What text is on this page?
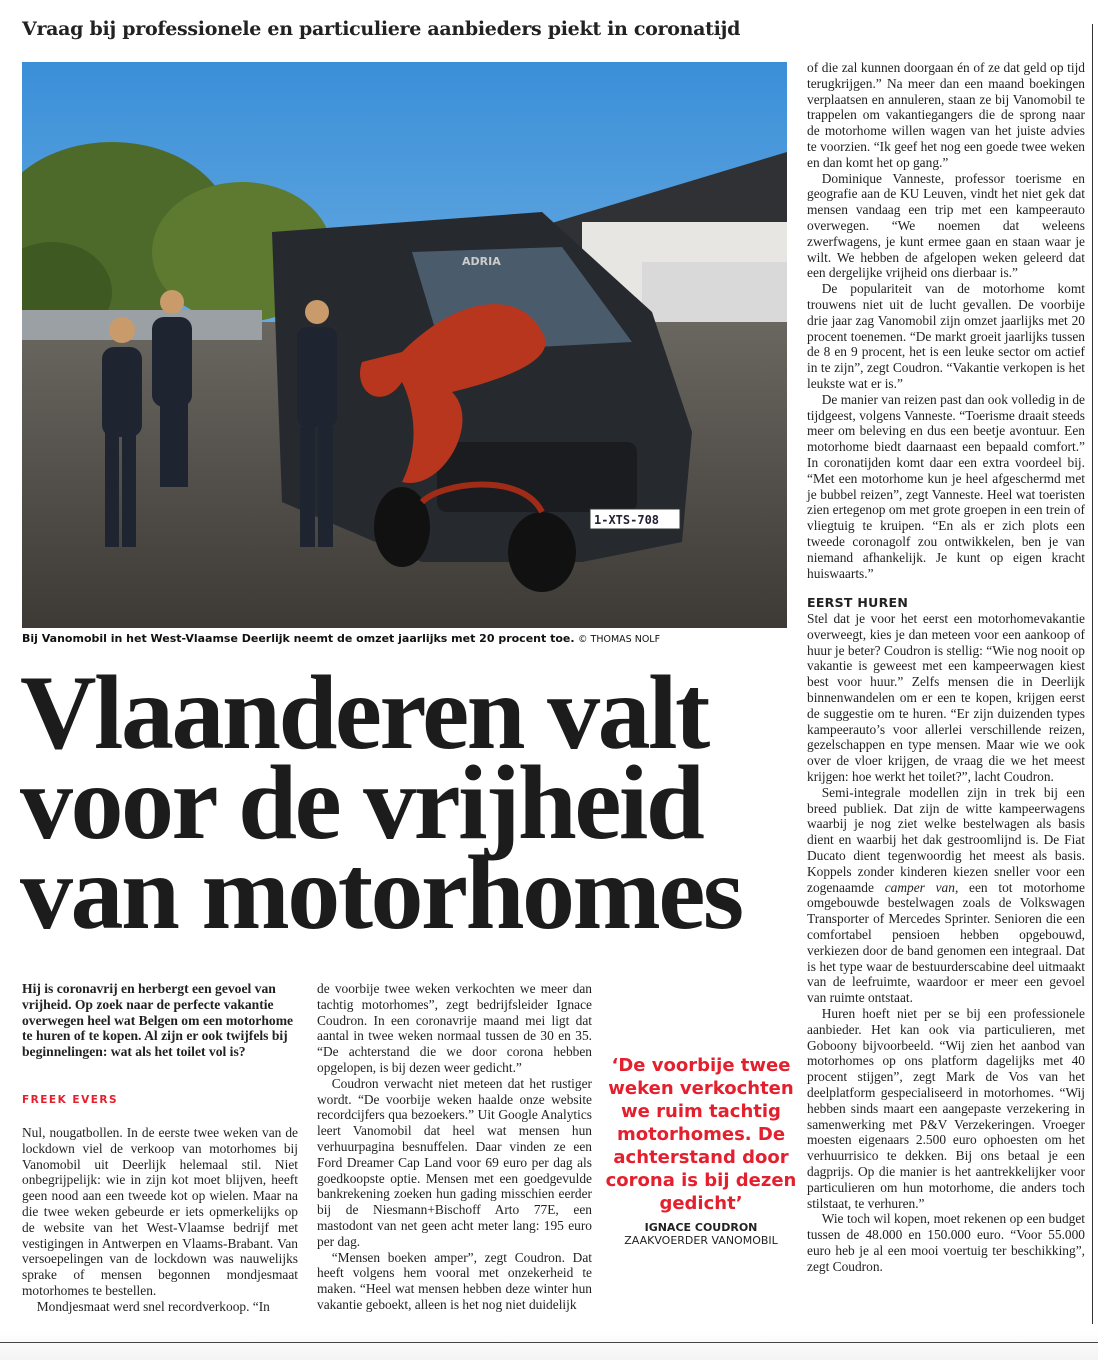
Vraag bij professionele en particuliere aanbieders piekt in coronatijd
ADRIA
1-XTS-708
Bij Vanomobil in het West-Vlaamse Deerlijk neemt de omzet jaarlijks met 20 procent toe. © THOMAS NOLF
Vlaanderen valt
voor de vrijheid
van motorhomes
Hij is coronavrij en herbergt een gevoel van vrijheid. Op zoek naar de perfecte vakantie overwegen heel wat Belgen om een motorhome te huren of te kopen. Al zijn er ook twijfels bij beginnelingen: wat als het toilet vol is?
FREEK EVERS

Nul, nougatbollen. In de eerste twee weken van de lockdown viel de verkoop van motorhomes bij Vanomobil uit Deerlijk helemaal stil. Niet onbegrijpelijk: wie in zijn kot moet blijven, heeft geen nood aan een tweede kot op wielen. Maar na die twee weken gebeurde er iets opmerkelijks op de website van het West-Vlaamse bedrijf met vestigingen in Antwerpen en Vlaams-Brabant. Van versoepelingen van de lockdown was nauwelijks sprake of mensen begonnen mondjesmaat motorhomes te bestellen.

Mondjesmaat werd snel recordverkoop. “In

de voorbije twee weken verkochten we meer dan tachtig motorhomes”, zegt bedrijfsleider Ignace Coudron. In een coronavrije maand mei ligt dat aantal in twee weken normaal tussen de 30 en 35. “De achterstand die we door corona hebben opgelopen, is bij dezen weer gedicht.”

Coudron verwacht niet meteen dat het rustiger wordt. “De voorbije weken haalde onze website recordcijfers qua bezoekers.” Uit Google Analytics leert Vanomobil dat heel wat mensen hun verhuurpagina besnuffelen. Daar vinden ze een Ford Dreamer Cap Land voor 69 euro per dag als goedkoopste optie. Mensen met een goedgevulde bankrekening zoeken hun gading misschien eerder bij de Niesmann+Bischoff Arto 77E, een mastodont van net geen acht meter lang: 195 euro per dag.

“Mensen boeken amper”, zegt Coudron. Dat heeft volgens hem vooral met onzekerheid te maken. “Heel wat mensen hebben deze winter hun vakantie geboekt, alleen is het nog niet duidelijk

‘De voorbije twee weken verkochten we ruim tachtig motorhomes. De achterstand door corona is bij dezen gedicht’
IGNACE COUDRON
ZAAKVOERDER VANOMOBIL

of die zal kunnen doorgaan én of ze dat geld op tijd terugkrijgen.” Na meer dan een maand boekingen verplaatsen en annuleren, staan ze bij Vanomobil te trappelen om vakantiegangers die de sprong naar de motorhome willen wagen van het juiste advies te voorzien. “Ik geef het nog een goede twee weken en dan komt het op gang.”

Dominique Vanneste, professor toerisme en geografie aan de KU Leuven, vindt het niet gek dat mensen vandaag een trip met een kampeerauto overwegen. “We noemen dat weleens zwerfwagens, je kunt ermee gaan en staan waar je wilt. We hebben de afgelopen weken geleerd dat een dergelijke vrijheid ons dierbaar is.”

De populariteit van de motorhome komt trouwens niet uit de lucht gevallen. De voorbije drie jaar zag Vanomobil zijn omzet jaarlijks met 20 procent toenemen. “De markt groeit jaarlijks tussen de 8 en 9 procent, het is een leuke sector om actief in te zijn”, zegt Coudron. “Vakantie verkopen is het leukste wat er is.”

De manier van reizen past dan ook volledig in de tijdgeest, volgens Vanneste. “Toerisme draait steeds meer om beleving en dus een beetje avontuur. Een motorhome biedt daarnaast een bepaald comfort.” In coronatijden komt daar een extra voordeel bij. “Met een motorhome kun je heel afgeschermd met je bubbel reizen”, zegt Vanneste. Heel wat toeristen zien ertegenop om met grote groepen in een trein of vliegtuig te kruipen. “En als er zich plots een tweede coronagolf zou ontwikkelen, ben je van niemand afhankelijk. Je kunt op eigen kracht huiswaarts.”

EERST HUREN

Stel dat je voor het eerst een motorhomevakantie overweegt, kies je dan meteen voor een aankoop of huur je beter? Coudron is stellig: “Wie nog nooit op vakantie is geweest met een kampeerwagen kiest best voor huur.” Zelfs mensen die in Deerlijk binnenwandelen om er een te kopen, krijgen eerst de suggestie om te huren. “Er zijn duizenden types kampeerauto’s voor allerlei verschillende reizen, gezelschappen en type mensen. Maar wie we ook over de vloer krijgen, de vraag die we het meest krijgen: hoe werkt het toilet?”, lacht Coudron.

Semi-integrale modellen zijn in trek bij een breed publiek. Dat zijn de witte kampeerwagens waarbij je nog ziet welke bestelwagen als basis dient en waarbij het dak gestroomlijnd is. De Fiat Ducato dient tegenwoordig het meest als basis. Koppels zonder kinderen kiezen sneller voor een zogenaamde camper van, een tot motorhome omgebouwde bestelwagen zoals de Volkswagen Transporter of Mercedes Sprinter. Senioren die een comfortabel pensioen hebben opgebouwd, verkiezen door de band genomen een integraal. Dat is het type waar de bestuurderscabine deel uitmaakt van de leefruimte, waardoor er meer een gevoel van ruimte ontstaat.

Huren hoeft niet per se bij een professionele aanbieder. Het kan ook via particulieren, met Goboony bijvoorbeeld. “Wij zien het aanbod van motorhomes op ons platform dagelijks met 40 procent stijgen”, zegt Mark de Vos van het deelplatform gespecialiseerd in motorhomes. “Wij hebben sinds maart een aangepaste verzekering in samenwerking met P&V Verzekeringen. Vroeger moesten eigenaars 2.500 euro ophoesten om het verhuurrisico te dekken. Bij ons betaal je een dagprijs. Op die manier is het aantrekkelijker voor particulieren om hun motorhome, die anders toch stilstaat, te verhuren.”

Wie toch wil kopen, moet rekenen op een budget tussen de 48.000 en 150.000 euro. “Voor 55.000 euro heb je al een mooi voertuig ter beschikking”, zegt Coudron.
